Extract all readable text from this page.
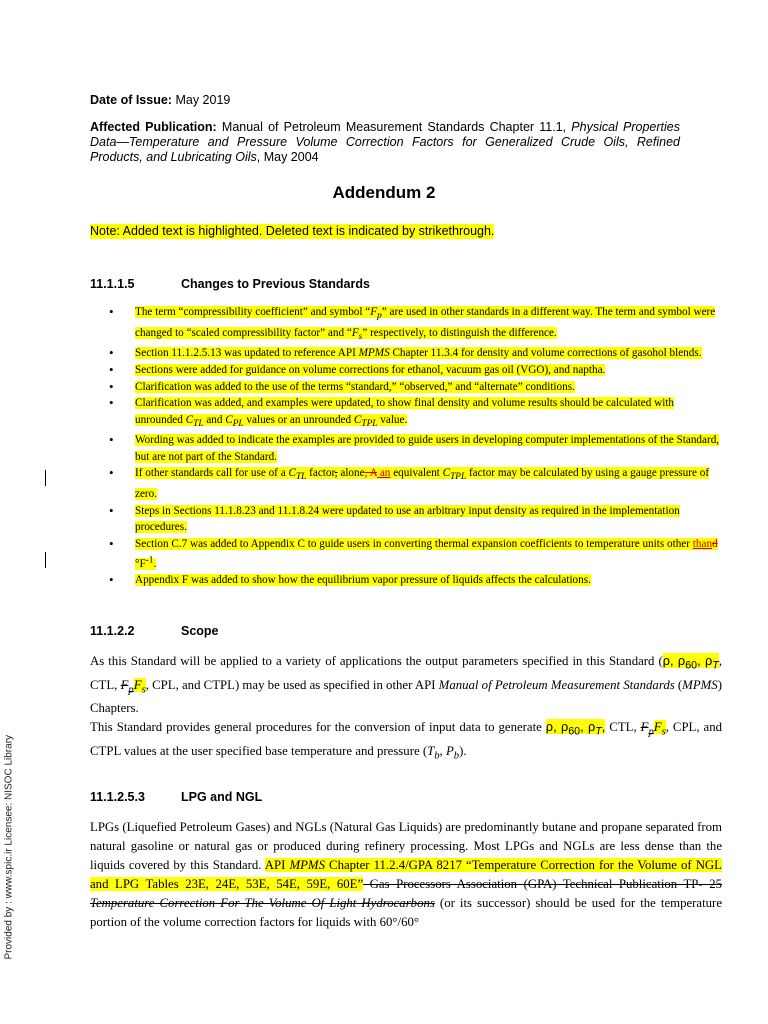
Date of Issue: May 2019
Affected Publication: Manual of Petroleum Measurement Standards Chapter 11.1, Physical Properties Data—Temperature and Pressure Volume Correction Factors for Generalized Crude Oils, Refined Products, and Lubricating Oils, May 2004
Addendum 2
Note: Added text is highlighted. Deleted text is indicated by strikethrough.
11.1.1.5	Changes to Previous Standards
• The term “compressibility coefficient” and symbol “$F_p$” are used in other standards in a different way. The term and symbol were changed to “scaled compressibility factor” and “$F_s$” respectively, to distinguish the difference.
• Section 11.1.2.5.13 was updated to reference API MPMS Chapter 11.3.4 for density and volume corrections of gasohol blends.
• Sections were added for guidance on volume corrections for ethanol, vacuum gas oil (VGO), and naptha.
• Clarification was added to the use of the terms “standard,” “observed,” and “alternate” conditions.
• Clarification was added, and examples were updated, to show final density and volume results should be calculated with unrounded $C_{TL}$ and $C_{PL}$ values or an unrounded $C_{TPL}$ value.
• Wording was added to indicate the examples are provided to guide users in developing computer implementations of the Standard, but are not part of the Standard.
• If other standards call for use of a $C_{TL}$ factor, alone, A an equivalent $C_{TPL}$ factor may be calculated by using a gauge pressure of zero.
• Steps in Sections 11.1.8.23 and 11.1.8.24 were updated to use an arbitrary input density as required in the implementation procedures.
• Section C.7 was added to Appendix C to guide users in converting thermal expansion coefficients to temperature units other thand $^\circ F^{-1}$.
• Appendix F was added to show how the equilibrium vapor pressure of liquids affects the calculations.
11.1.2.2	Scope
As this Standard will be applied to a variety of applications the output parameters specified in this Standard (ρ, $\rho_{60}$, $\rho_T$, CTL, $F_pF_s$, CPL, and CTPL) may be used as specified in other API Manual of Petroleum Measurement Standards (MPMS) Chapters.
This Standard provides general procedures for the conversion of input data to generate ρ, $\rho_{60}$, $\rho_T$, CTL, $F_pF_s$, CPL, and CTPL values at the user specified base temperature and pressure ($T_b$, $P_b$).
11.1.2.5.3	LPG and NGL
LPGs (Liquefied Petroleum Gases) and NGLs (Natural Gas Liquids) are predominantly butane and propane separated from natural gasoline or natural gas or produced during refinery processing. Most LPGs and NGLs are less dense than the liquids covered by this Standard. API MPMS Chapter 11.2.4/GPA 8217 “Temperature Correction for the Volume of NGL and LPG Tables 23E, 24E, 53E, 54E, 59E, 60E” Gas Processors Association (GPA) Technical Publication TP- 25 Temperature Correction For The Volume Of Light Hydrocarbons (or its successor) should be used for the temperature portion of the volume correction factors for liquids with 60°/60°
Provided by : www.spic.ir Licensee: NISOC Library
